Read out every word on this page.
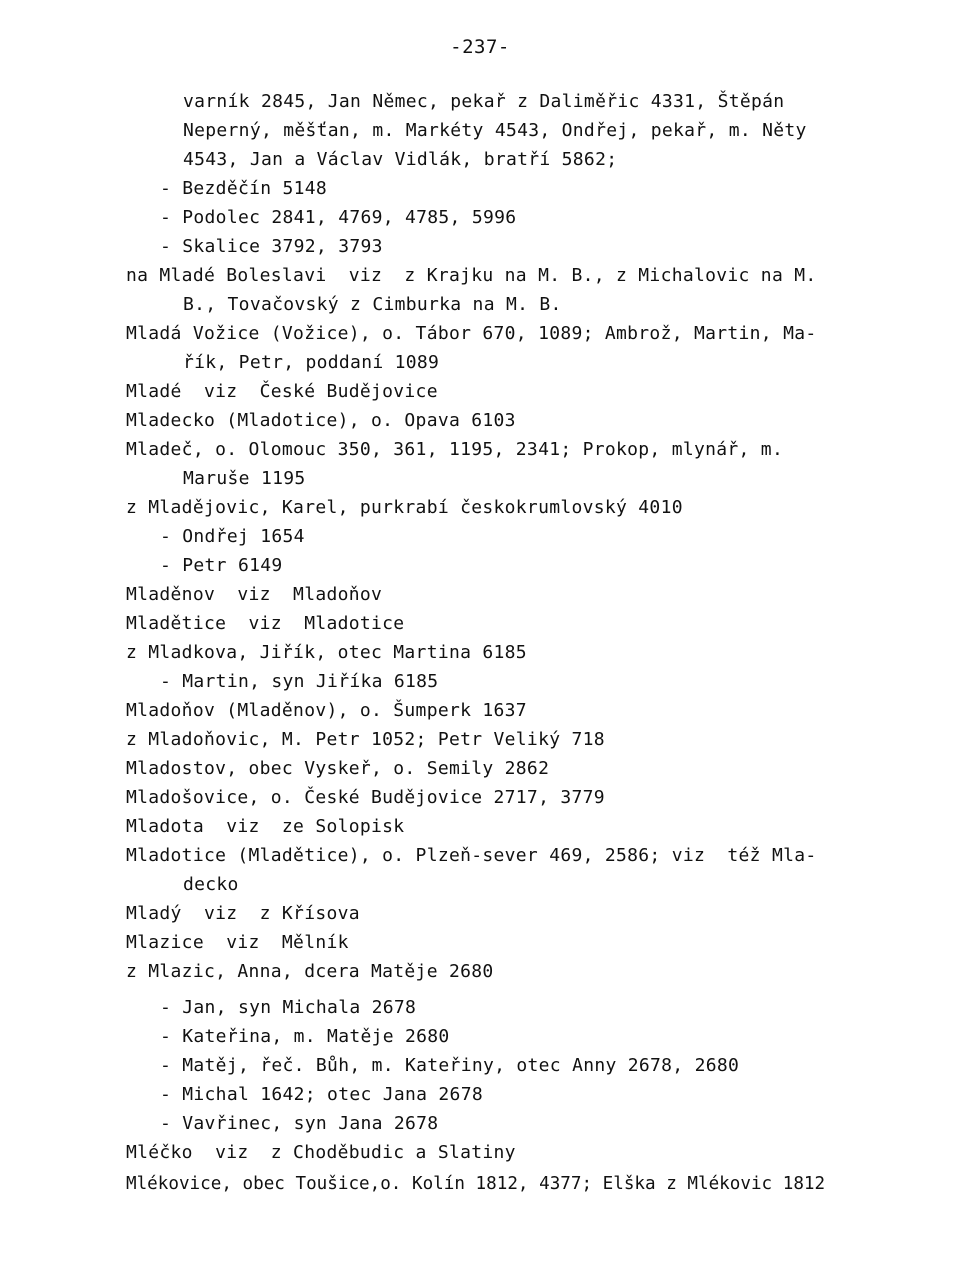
-237-
varník 2845, Jan Němec, pekař z Daliměřic 4331, Štěpán
Neperný, měšťan, m. Markéty 4543, Ondřej, pekař, m. Něty
4543, Jan a Václav Vidlák, bratří 5862;
- Bezděčín 5148
- Podolec 2841, 4769, 4785, 5996
- Skalice 3792, 3793
na Mladé Boleslavi  viz  z Krajku na M. B., z Michalovic na M.
B., Tovačovský z Cimburka na M. B.
Mladá Vožice (Vožice), o. Tábor 670, 1089; Ambrož, Martin, Ma-
řík, Petr, poddaní 1089
Mladé  viz  České Budějovice
Mladecko (Mladotice), o. Opava 6103
Mladeč, o. Olomouc 350, 361, 1195, 2341; Prokop, mlynář, m.
Maruše 1195
z Mladějovic, Karel, purkrabí českokrumlovský 4010
- Ondřej 1654
- Petr 6149
Mladěnov  viz  Mladoňov
Mladětice  viz  Mladotice
z Mladkova, Jiřík, otec Martina 6185
- Martin, syn Jiříka 6185
Mladoňov (Mladěnov), o. Šumperk 1637
z Mladoňovic, M. Petr 1052; Petr Veliký 718
Mladostov, obec Vyskeř, o. Semily 2862
Mladošovice, o. České Budějovice 2717, 3779
Mladota  viz  ze Solopisk
Mladotice (Mladětice), o. Plzeň-sever 469, 2586; viz  též Mla-
decko
Mladý  viz  z Křísova
Mlazice  viz  Mělník
z Mlazic, Anna, dcera Matěje 2680
- Jan, syn Michala 2678
- Kateřina, m. Matěje 2680
- Matěj, řeč. Bůh, m. Kateřiny, otec Anny 2678, 2680
- Michal 1642; otec Jana 2678
- Vavřinec, syn Jana 2678
Mléčko  viz  z Choděbudic a Slatiny
Mlékovice, obec Toušice,o. Kolín 1812, 4377; Elška z Mlékovic 1812
